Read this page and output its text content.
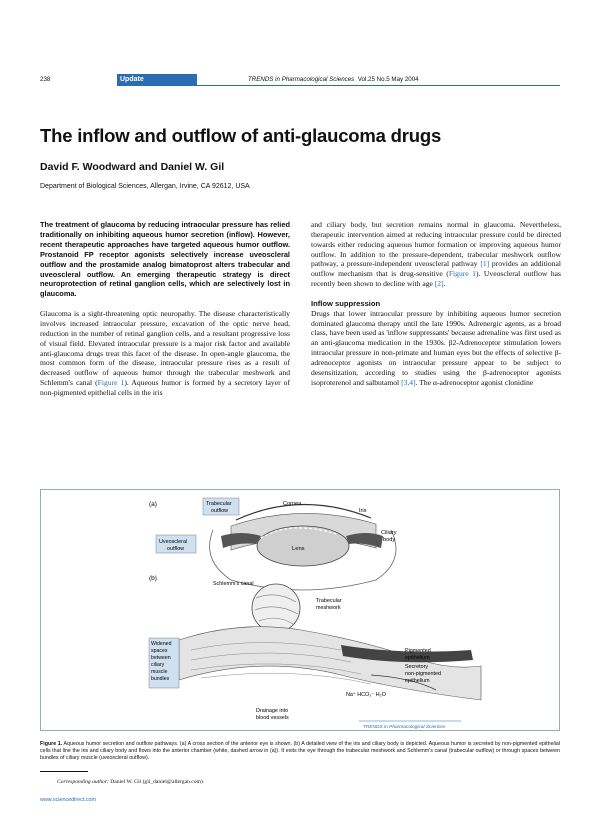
238	Update	TRENDS in Pharmacological Sciences Vol.25 No.5 May 2004
The inflow and outflow of anti-glaucoma drugs
David F. Woodward and Daniel W. Gil
Department of Biological Sciences, Allergan, Irvine, CA 92612, USA

The treatment of glaucoma by reducing intraocular pressure has relied traditionally on inhibiting aqueous humor secretion (inflow). However, recent therapeutic approaches have targeted aqueous humor outflow. Prostanoid FP receptor agonists selectively increase uveoscleral outflow and the prostamide analog bimatoprost alters trabecular and uveoscleral outflow. An emerging therapeutic strategy is direct neuroprotection of retinal ganglion cells, which are selectively lost in glaucoma.

Glaucoma is a sight-threatening optic neuropathy. The disease characteristically involves increased intraocular pressure, excavation of the optic nerve head, reduction in the number of retinal ganglion cells, and a resultant progressive loss of visual field. Elevated intraocular pressure is a major risk factor and available anti-glaucoma drugs treat this facet of the disease. In open-angle glaucoma, the most common form of the disease, intraocular pressure rises as a result of decreased outflow of aqueous humor through the trabecular meshwork and Schlemm's canal (Figure 1). Aqueous humor is formed by a secretory layer of non-pigmented epithelial cells in the iris

and ciliary body, but secretion remains normal in glaucoma. Nevertheless, therapeutic intervention aimed at reducing intraocular pressure could be directed towards either reducing aqueous humor formation or improving aqueous humor outflow. In addition to the pressure-dependent, trabecular meshwork outflow pathway, a pressure-independent uveoscleral pathway [1] provides an additional outflow mechanism that is drug-sensitive (Figure 1). Uveoscleral outflow has recently been shown to decline with age [2].

Inflow suppression

Drugs that lower intraocular pressure by inhibiting aqueous humor secretion dominated glaucoma therapy until the late 1990s. Adrenergic agents, as a broad class, have been used as 'inflow suppressants' because adrenaline was first used as an anti-glaucoma medication in the 1930s. β2-Adrenoceptor stimulation lowers intraocular pressure in non-primate and human eyes but the effects of selective β-adrenoceptor agonists on intraocular pressure appear to be subject to desensitization, according to studies using the β-adrenoceptor agonists isoproterenol and salbutamol [3,4]. The α-adrenoceptor agonist clonidine

(a)	Trabecular
outflow
Cornea
Iris
Ciliary
body
Lens
Uveoscleral
outflow
(b)
Schlemm's canal
Trabecular
meshwork
Widened
spaces
between
ciliary
muscle
bundles
Pigmented
epithelium
Secretory
non-pigmented
epithelium
Na⁺ HCO₃⁻ H₂O
Drainage into
blood vessels
TRENDS in Pharmacological Sciences
Figure 1. Aqueous humor secretion and outflow pathways. (a) A cross section of the anterior eye is shown. (b) A detailed view of the iris and ciliary body is depicted. Aqueous humor is secreted by non-pigmented epithelial cells that line the iris and ciliary body and flows into the anterior chamber (white, dashed arrow in (a)). It exits the eye through the trabecular meshwork and Schlemm's canal (trabecular outflow) or through spaces between bundles of ciliary muscle (uveoscleral outflow).
Corresponding author: Daniel W. Gil (gil_daniel@allergan.com).
www.sciencedirect.com
